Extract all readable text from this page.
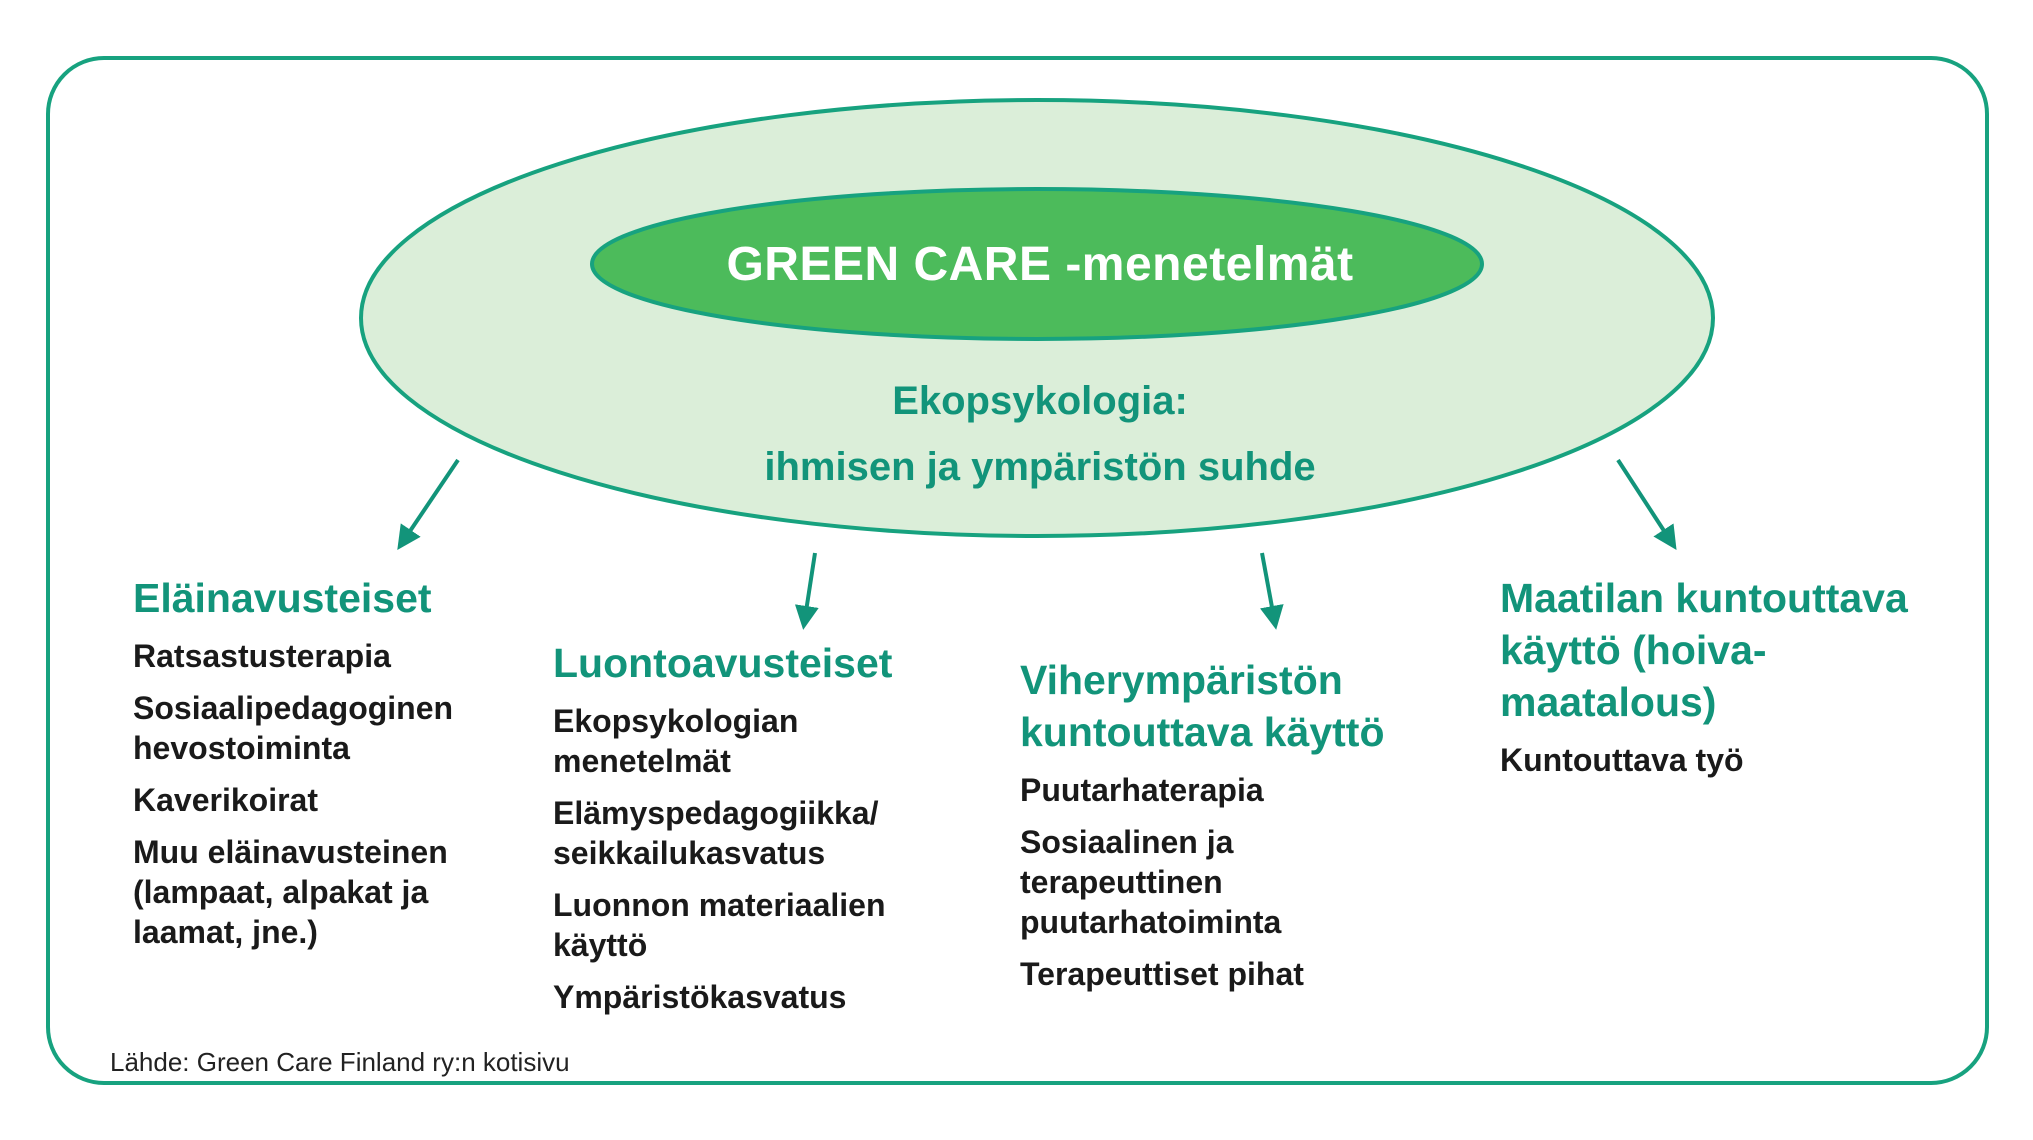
GREEN CARE -menetelmät
Ekopsykologia:
ihmisen ja ympäristön suhde
Eläinavusteiset
Ratsastusterapia
Sosiaalipedagoginen
hevostoiminta
Kaverikoirat
Muu eläinavusteinen
(lampaat, alpakat ja
laamat, jne.)
Luontoavusteiset
Ekopsykologian
menetelmät
Elämyspedagogiikka/
seikkailukasvatus
Luonnon materiaalien
käyttö
Ympäristökasvatus
Viherympäristön
kuntouttava käyttö
Puutarhaterapia
Sosiaalinen ja
terapeuttinen
puutarhatoiminta
Terapeuttiset pihat
Maatilan kuntouttava
käyttö (hoiva-
maatalous)
Kuntouttava työ
Lähde: Green Care Finland ry:n kotisivu
